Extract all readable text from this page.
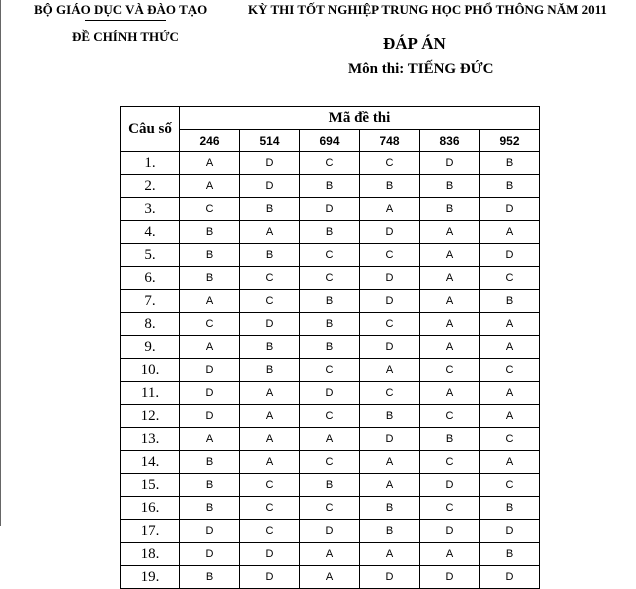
BỘ GIÁO DỤC VÀ ĐÀO TẠO
ĐỀ CHÍNH THỨC
KỲ THI TỐT NGHIỆP TRUNG HỌC PHỔ THÔNG NĂM 2011
ĐÁP ÁN
Môn thi: TIẾNG ĐỨC
Câu số	Mã đề thi					
	246	514	694	748	836	952
1.	A	D	C	C	D	B
2.	A	D	B	B	B	B
3.	C	B	D	A	B	D
4.	B	A	B	D	A	A
5.	B	B	C	C	A	D
6.	B	C	C	D	A	C
7.	A	C	B	D	A	B
8.	C	D	B	C	A	A
9.	A	B	B	D	A	A
10.	D	B	C	A	C	C
11.	D	A	D	C	A	A
12.	D	A	C	B	C	A
13.	A	A	A	D	B	C
14.	B	A	C	A	C	A
15.	B	C	B	A	D	C
16.	B	C	C	B	C	B
17.	D	C	D	B	D	D
18.	D	D	A	A	A	B
19.	B	D	A	D	D	D
